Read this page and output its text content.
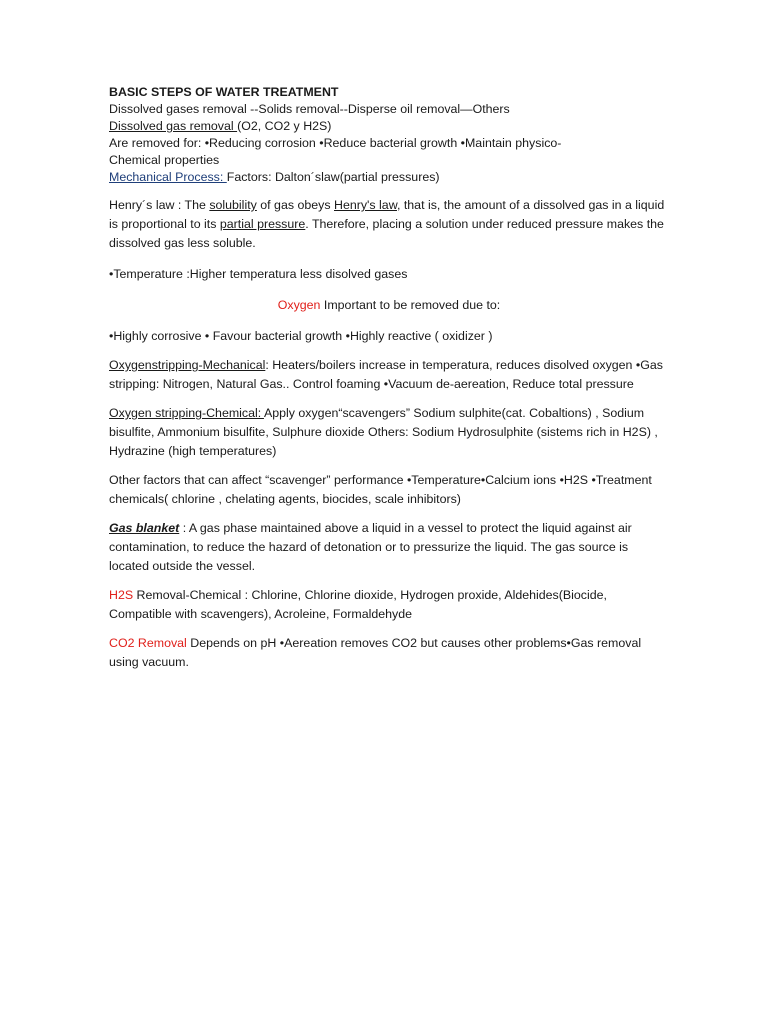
BASIC STEPS OF WATER TREATMENT
Dissolved gases removal --Solids removal--Disperse oil removal—Others
Dissolved gas removal (O2, CO2 y H2S)
Are removed for: •Reducing corrosion •Reduce bacterial growth •Maintain physico-
Chemical properties
Mechanical Process: Factors: Dalton´slaw(partial pressures)
Henry´s law : The solubility of gas obeys Henry's law, that is, the amount of a dissolved gas in a liquid is proportional to its partial pressure. Therefore, placing a solution under reduced pressure makes the dissolved gas less soluble.
•Temperature :Higher temperatura less disolved gases
Oxygen Important to be removed due to:
•Highly corrosive • Favour bacterial growth •Highly reactive ( oxidizer )
Oxygenstripping-Mechanical: Heaters/boilers increase in temperatura, reduces disolved oxygen •Gas stripping: Nitrogen, Natural Gas.. Control foaming •Vacuum de-aereation, Reduce total pressure
Oxygen stripping-Chemical: Apply oxygen“scavengers” Sodium sulphite(cat. Cobaltions) , Sodium bisulfite, Ammonium bisulfite, Sulphure dioxide Others: Sodium Hydrosulphite (sistems rich in H2S) , Hydrazine (high temperatures)
Other factors that can affect “scavenger” performance •Temperature•Calcium ions •H2S •Treatment chemicals( chlorine , chelating agents, biocides, scale inhibitors)
Gas blanket : A gas phase maintained above a liquid in a vessel to protect the liquid against air contamination, to reduce the hazard of detonation or to pressurize the liquid. The gas source is located outside the vessel.
H2S Removal-Chemical : Chlorine, Chlorine dioxide, Hydrogen proxide, Aldehides(Biocide, Compatible with scavengers), Acroleine, Formaldehyde
CO2 Removal Depends on pH •Aereation removes CO2 but causes other problems•Gas removal using vacuum.
